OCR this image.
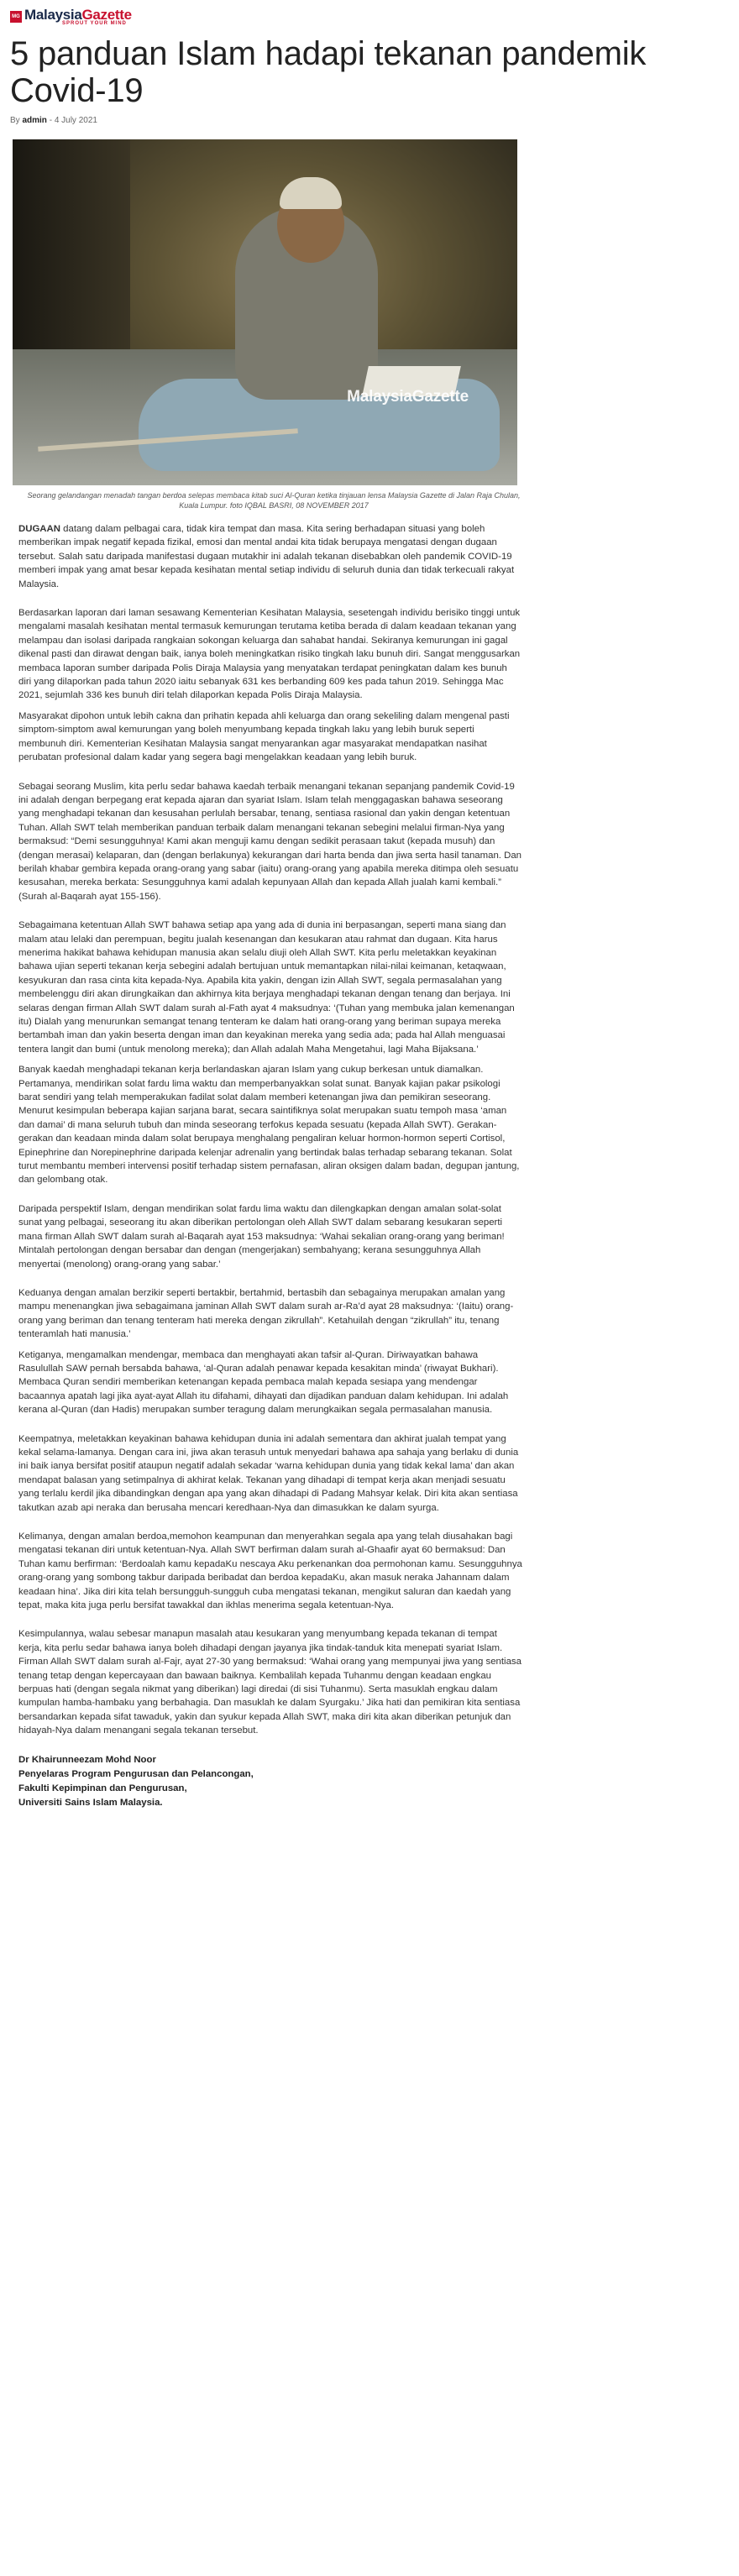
MG MalaysiaGazette
SPROUT YOUR MIND
5 panduan Islam hadapi tekanan pandemik Covid-19
By admin - 4 July 2021
MalaysiaGazette
Seorang gelandangan menadah tangan berdoa selepas membaca kitab suci Al-Quran ketika tinjauan lensa Malaysia Gazette di Jalan Raja Chulan, Kuala Lumpur. foto IQBAL BASRI, 08 NOVEMBER 2017

DUGAAN datang dalam pelbagai cara, tidak kira tempat dan masa. Kita sering berhadapan situasi yang boleh memberikan impak negatif kepada fizikal, emosi dan mental andai kita tidak berupaya mengatasi dengan dugaan tersebut. Salah satu daripada manifestasi dugaan mutakhir ini adalah tekanan disebabkan oleh pandemik COVID-19 memberi impak yang amat besar kepada kesihatan mental setiap individu di seluruh dunia dan tidak terkecuali rakyat Malaysia.

Berdasarkan laporan dari laman sesawang Kementerian Kesihatan Malaysia, sesetengah individu berisiko tinggi untuk mengalami masalah kesihatan mental termasuk kemurungan terutama ketiba berada di dalam keadaan tekanan yang melampau dan isolasi daripada rangkaian sokongan keluarga dan sahabat handai. Sekiranya kemurungan ini gagal dikenal pasti dan dirawat dengan baik, ianya boleh meningkatkan risiko tingkah laku bunuh diri. Sangat menggusarkan membaca laporan sumber daripada Polis Diraja Malaysia yang menyatakan terdapat peningkatan dalam kes bunuh diri yang dilaporkan pada tahun 2020 iaitu sebanyak 631 kes berbanding 609 kes pada tahun 2019. Sehingga Mac 2021, sejumlah 336 kes bunuh diri telah dilaporkan kepada Polis Diraja Malaysia.

Masyarakat dipohon untuk lebih cakna dan prihatin kepada ahli keluarga dan orang sekeliling dalam mengenal pasti simptom-simptom awal kemurungan yang boleh menyumbang kepada tingkah laku yang lebih buruk seperti membunuh diri. Kementerian Kesihatan Malaysia sangat menyarankan agar masyarakat mendapatkan nasihat perubatan profesional dalam kadar yang segera bagi mengelakkan keadaan yang lebih buruk.

Sebagai seorang Muslim, kita perlu sedar bahawa kaedah terbaik menangani tekanan sepanjang pandemik Covid-19 ini adalah dengan berpegang erat kepada ajaran dan syariat Islam. Islam telah menggagaskan bahawa seseorang yang menghadapi tekanan dan kesusahan perlulah bersabar, tenang, sentiasa rasional dan yakin dengan ketentuan Tuhan. Allah SWT telah memberikan panduan terbaik dalam menangani tekanan sebegini melalui firman-Nya yang bermaksud: “Demi sesungguhnya! Kami akan menguji kamu dengan sedikit perasaan takut (kepada musuh) dan (dengan merasai) kelaparan, dan (dengan berlakunya) kekurangan dari harta benda dan jiwa serta hasil tanaman. Dan berilah khabar gembira kepada orang-orang yang sabar (iaitu) orang-orang yang apabila mereka ditimpa oleh sesuatu kesusahan, mereka berkata: Sesungguhnya kami adalah kepunyaan Allah dan kepada Allah jualah kami kembali.” (Surah al-Baqarah ayat 155-156).

Sebagaimana ketentuan Allah SWT bahawa setiap apa yang ada di dunia ini berpasangan, seperti mana siang dan malam atau lelaki dan perempuan, begitu jualah kesenangan dan kesukaran atau rahmat dan dugaan. Kita harus menerima hakikat bahawa kehidupan manusia akan selalu diuji oleh Allah SWT. Kita perlu meletakkan keyakinan bahawa ujian seperti tekanan kerja sebegini adalah bertujuan untuk memantapkan nilai-nilai keimanan, ketaqwaan, kesyukuran dan rasa cinta kita kepada-Nya. Apabila kita yakin, dengan izin Allah SWT, segala permasalahan yang membelenggu diri akan dirungkaikan dan akhirnya kita berjaya menghadapi tekanan dengan tenang dan berjaya. Ini selaras dengan firman Allah SWT dalam surah al-Fath ayat 4 maksudnya: ‘(Tuhan yang membuka jalan kemenangan itu) Dialah yang menurunkan semangat tenang tenteram ke dalam hati orang-orang yang beriman supaya mereka bertambah iman dan yakin beserta dengan iman dan keyakinan mereka yang sedia ada; pada hal Allah menguasai tentera langit dan bumi (untuk menolong mereka); dan Allah adalah Maha Mengetahui, lagi Maha Bijaksana.’

Banyak kaedah menghadapi tekanan kerja berlandaskan ajaran Islam yang cukup berkesan untuk diamalkan. Pertamanya, mendirikan solat fardu lima waktu dan memperbanyakkan solat sunat. Banyak kajian pakar psikologi barat sendiri yang telah memperakukan fadilat solat dalam memberi ketenangan jiwa dan pemikiran seseorang. Menurut kesimpulan beberapa kajian sarjana barat, secara saintifiknya solat merupakan suatu tempoh masa ‘aman dan damai’ di mana seluruh tubuh dan minda seseorang terfokus kepada sesuatu (kepada Allah SWT). Gerakan-gerakan dan keadaan minda dalam solat berupaya menghalang pengaliran keluar hormon-hormon seperti Cortisol, Epinephrine dan Norepinephrine daripada kelenjar adrenalin yang bertindak balas terhadap sebarang tekanan. Solat turut membantu memberi intervensi positif terhadap sistem pernafasan, aliran oksigen dalam badan, degupan jantung, dan gelombang otak.

Daripada perspektif Islam, dengan mendirikan solat fardu lima waktu dan dilengkapkan dengan amalan solat-solat sunat yang pelbagai, seseorang itu akan diberikan pertolongan oleh Allah SWT dalam sebarang kesukaran seperti mana firman Allah SWT dalam surah al-Baqarah ayat 153 maksudnya: ‘Wahai sekalian orang-orang yang beriman! Mintalah pertolongan dengan bersabar dan dengan (mengerjakan) sembahyang; kerana sesungguhnya Allah menyertai (menolong) orang-orang yang sabar.’

Keduanya dengan amalan berzikir seperti bertakbir, bertahmid, bertasbih dan sebagainya merupakan amalan yang mampu menenangkan jiwa sebagaimana jaminan Allah SWT dalam surah ar-Ra’d ayat 28 maksudnya: ‘(Iaitu) orang-orang yang beriman dan tenang tenteram hati mereka dengan zikrullah”. Ketahuilah dengan “zikrullah” itu, tenang tenteramlah hati manusia.’

Ketiganya, mengamalkan mendengar, membaca dan menghayati akan tafsir al-Quran. Diriwayatkan bahawa Rasulullah SAW pernah bersabda bahawa, ‘al-Quran adalah penawar kepada kesakitan minda’ (riwayat Bukhari). Membaca Quran sendiri memberikan ketenangan kepada pembaca malah kepada sesiapa yang mendengar bacaannya apatah lagi jika ayat-ayat Allah itu difahami, dihayati dan dijadikan panduan dalam kehidupan. Ini adalah kerana al-Quran (dan Hadis) merupakan sumber teragung dalam merungkaikan segala permasalahan manusia.

Keempatnya, meletakkan keyakinan bahawa kehidupan dunia ini adalah sementara dan akhirat jualah tempat yang kekal selama-lamanya. Dengan cara ini, jiwa akan terasuh untuk menyedari bahawa apa sahaja yang berlaku di dunia ini baik ianya bersifat positif ataupun negatif adalah sekadar ‘warna kehidupan dunia yang tidak kekal lama’ dan akan mendapat balasan yang setimpalnya di akhirat kelak. Tekanan yang dihadapi di tempat kerja akan menjadi sesuatu yang terlalu kerdil jika dibandingkan dengan apa yang akan dihadapi di Padang Mahsyar kelak. Diri kita akan sentiasa takutkan azab api neraka dan berusaha mencari keredhaan-Nya dan dimasukkan ke dalam syurga.

Kelimanya, dengan amalan berdoa,memohon keampunan dan menyerahkan segala apa yang telah diusahakan bagi mengatasi tekanan diri untuk ketentuan-Nya. Allah SWT berfirman dalam surah al-Ghaafir ayat 60 bermaksud: Dan Tuhan kamu berfirman: ‘Berdoalah kamu kepadaKu nescaya Aku perkenankan doa permohonan kamu. Sesungguhnya orang-orang yang sombong takbur daripada beribadat dan berdoa kepadaKu, akan masuk neraka Jahannam dalam keadaan hina’. Jika diri kita telah bersungguh-sungguh cuba mengatasi tekanan, mengikut saluran dan kaedah yang tepat, maka kita juga perlu bersifat tawakkal dan ikhlas menerima segala ketentuan-Nya.

Kesimpulannya, walau sebesar manapun masalah atau kesukaran yang menyumbang kepada tekanan di tempat kerja, kita perlu sedar bahawa ianya boleh dihadapi dengan jayanya jika tindak-tanduk kita menepati syariat Islam. Firman Allah SWT dalam surah al-Fajr, ayat 27-30 yang bermaksud: ‘Wahai orang yang mempunyai jiwa yang sentiasa tenang tetap dengan kepercayaan dan bawaan baiknya. Kembalilah kepada Tuhanmu dengan keadaan engkau berpuas hati (dengan segala nikmat yang diberikan) lagi diredai (di sisi Tuhanmu). Serta masuklah engkau dalam kumpulan hamba-hambaku yang berbahagia. Dan masuklah ke dalam Syurgaku.’ Jika hati dan pemikiran kita sentiasa bersandarkan kepada sifat tawaduk, yakin dan syukur kepada Allah SWT, maka diri kita akan diberikan petunjuk dan hidayah-Nya dalam menangani segala tekanan tersebut.

Dr Khairunneezam Mohd Noor
Penyelaras Program Pengurusan dan Pelancongan,
Fakulti Kepimpinan dan Pengurusan,
Universiti Sains Islam Malaysia.
